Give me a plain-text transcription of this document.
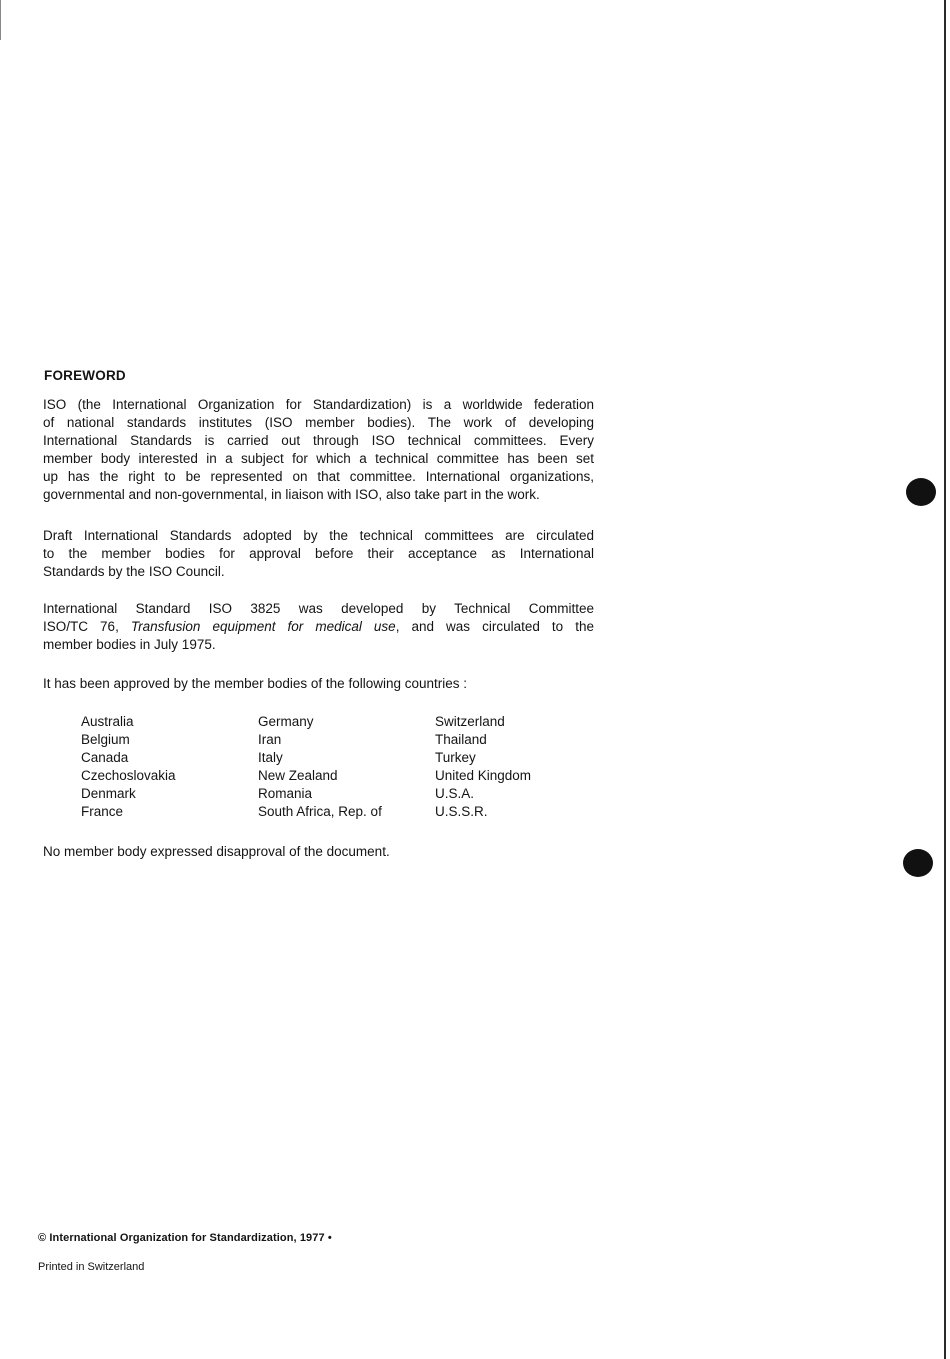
FOREWORD
ISO (the International Organization for Standardization) is a worldwide federation
of national standards institutes (ISO member bodies). The work of developing
International Standards is carried out through ISO technical committees. Every
member body interested in a subject for which a technical committee has been set
up has the right to be represented on that committee. International organizations,
governmental and non-governmental, in liaison with ISO, also take part in the work.
Draft International Standards adopted by the technical committees are circulated
to the member bodies for approval before their acceptance as International
Standards by the ISO Council.
International Standard ISO 3825 was developed by Technical Committee
ISO/TC 76, Transfusion equipment for medical use, and was circulated to the
member bodies in July 1975.
It has been approved by the member bodies of the following countries :
Australia
Belgium
Canada
Czechoslovakia
Denmark
France
Germany
Iran
Italy
New Zealand
Romania
South Africa, Rep. of
Switzerland
Thailand
Turkey
United Kingdom
U.S.A.
U.S.S.R.
No member body expressed disapproval of the document.
© International Organization for Standardization, 1977 •
Printed in Switzerland
